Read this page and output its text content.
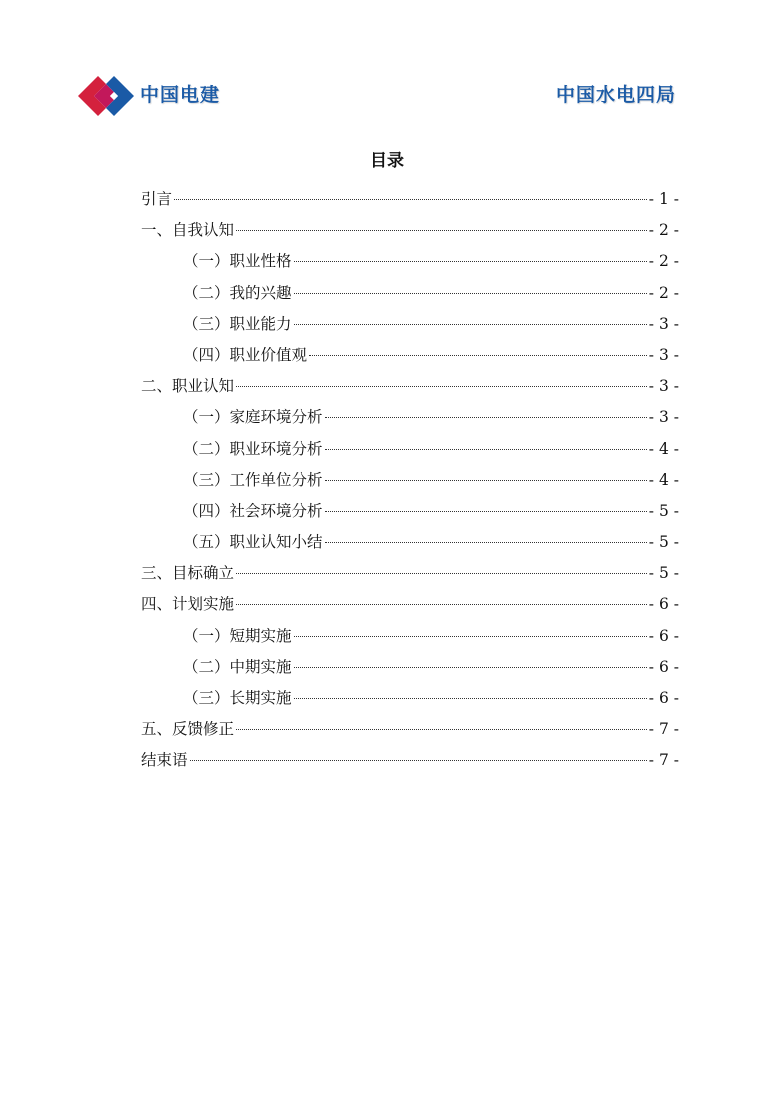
中国电建	中国水电四局
目录
引言	- 1 -
一、自我认知	- 2 -
（一）职业性格	- 2 -
（二）我的兴趣	- 2 -
（三）职业能力	- 3 -
（四）职业价值观	- 3 -
二、职业认知	- 3 -
（一）家庭环境分析	- 3 -
（二）职业环境分析	- 4 -
（三）工作单位分析	- 4 -
（四）社会环境分析	- 5 -
（五）职业认知小结	- 5 -
三、目标确立	- 5 -
四、计划实施	- 6 -
（一）短期实施	- 6 -
（二）中期实施	- 6 -
（三）长期实施	- 6 -
五、反馈修正	- 7 -
结束语	- 7 -
